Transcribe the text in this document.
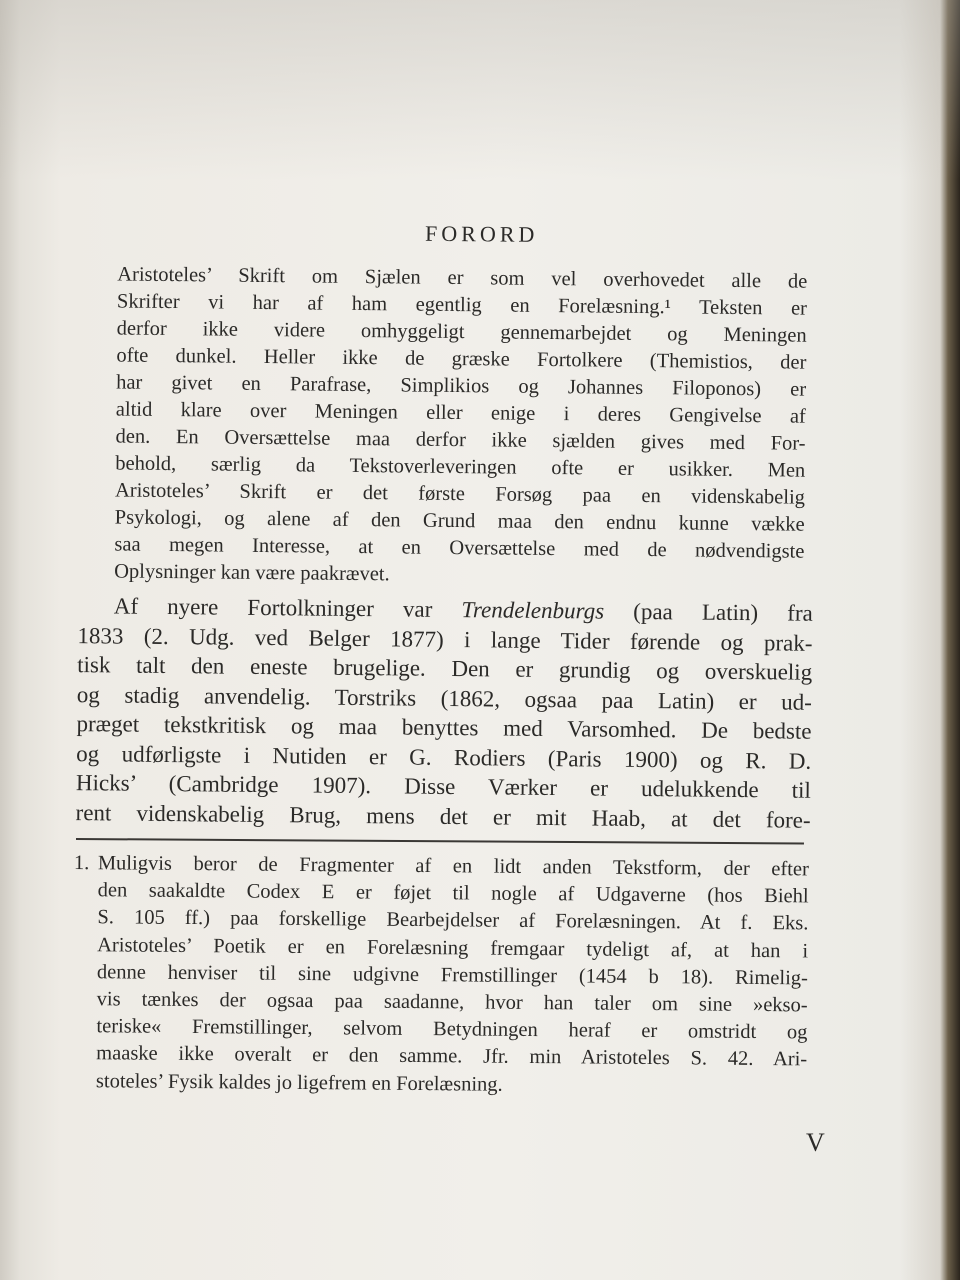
FORORD
Aristoteles’ Skrift om Sjælen er som vel overhovedet alle de
Skrifter vi har af ham egentlig en Forelæsning.¹ Teksten er
derfor ikke videre omhyggeligt gennemarbejdet og Meningen
ofte dunkel. Heller ikke de græske Fortolkere (Themistios, der
har givet en Parafrase, Simplikios og Johannes Filoponos) er
altid klare over Meningen eller enige i deres Gengivelse af
den. En Oversættelse maa derfor ikke sjælden gives med For-
behold, særlig da Tekstoverleveringen ofte er usikker. Men
Aristoteles’ Skrift er det første Forsøg paa en videnskabelig
Psykologi, og alene af den Grund maa den endnu kunne vække
saa megen Interesse, at en Oversættelse med de nødvendigste
Oplysninger kan være paakrævet.
Af nyere Fortolkninger var Trendelenburgs (paa Latin) fra
1833 (2. Udg. ved Belger 1877) i lange Tider førende og prak-
tisk talt den eneste brugelige. Den er grundig og overskuelig
og stadig anvendelig. Torstriks (1862, ogsaa paa Latin) er ud-
præget tekstkritisk og maa benyttes med Varsomhed. De bedste
og udførligste i Nutiden er G. Rodiers (Paris 1900) og R. D.
Hicks’ (Cambridge 1907). Disse Værker er udelukkende til
rent videnskabelig Brug, mens det er mit Haab, at det fore-
1. Muligvis beror de Fragmenter af en lidt anden Tekstform, der efter
den saakaldte Codex E er føjet til nogle af Udgaverne (hos Biehl
S. 105 ff.) paa forskellige Bearbejdelser af Forelæsningen. At f. Eks.
Aristoteles’ Poetik er en Forelæsning fremgaar tydeligt af, at han i
denne henviser til sine udgivne Fremstillinger (1454 b 18). Rimelig-
vis tænkes der ogsaa paa saadanne, hvor han taler om sine »ekso-
teriske« Fremstillinger, selvom Betydningen heraf er omstridt og
maaske ikke overalt er den samme. Jfr. min Aristoteles S. 42. Ari-
stoteles’ Fysik kaldes jo ligefrem en Forelæsning.
V
